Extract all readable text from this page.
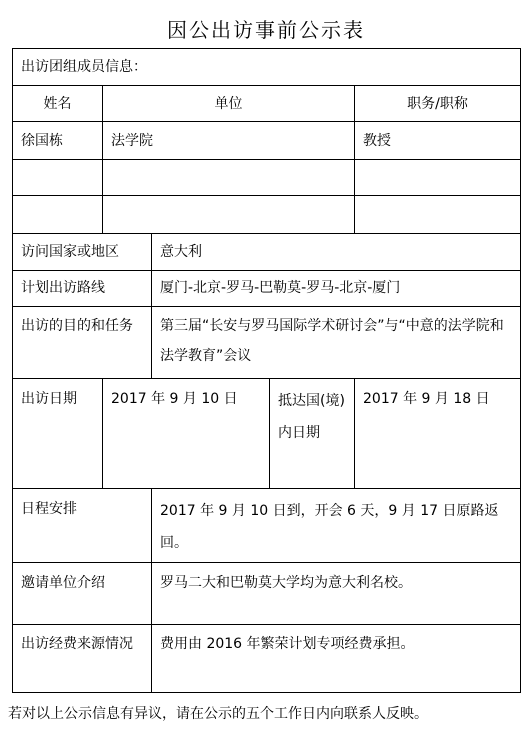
因公出访事前公示表
出访团组成员信息：				
姓名	单位			职务/职称
徐国栋	法学院			教授

访问国家或地区		意大利		
计划出访路线		厦门-北京-罗马-巴勒莫-罗马-北京-厦门		
出访的目的和任务		第三届“长安与罗马国际学术研讨会”与“中意的法学院和法学教育”会议		
出访日期	2017 年 9 月 10 日		抵达国(境)内日期	2017 年 9 月 18 日
日程安排		2017 年 9 月 10 日到，开会 6 天，9 月 17 日原路返回。		
邀请单位介绍		罗马二大和巴勒莫大学均为意大利名校。		
出访经费来源情况		费用由 2016 年繁荣计划专项经费承担。		
若对以上公示信息有异议，请在公示的五个工作日内向联系人反映。
